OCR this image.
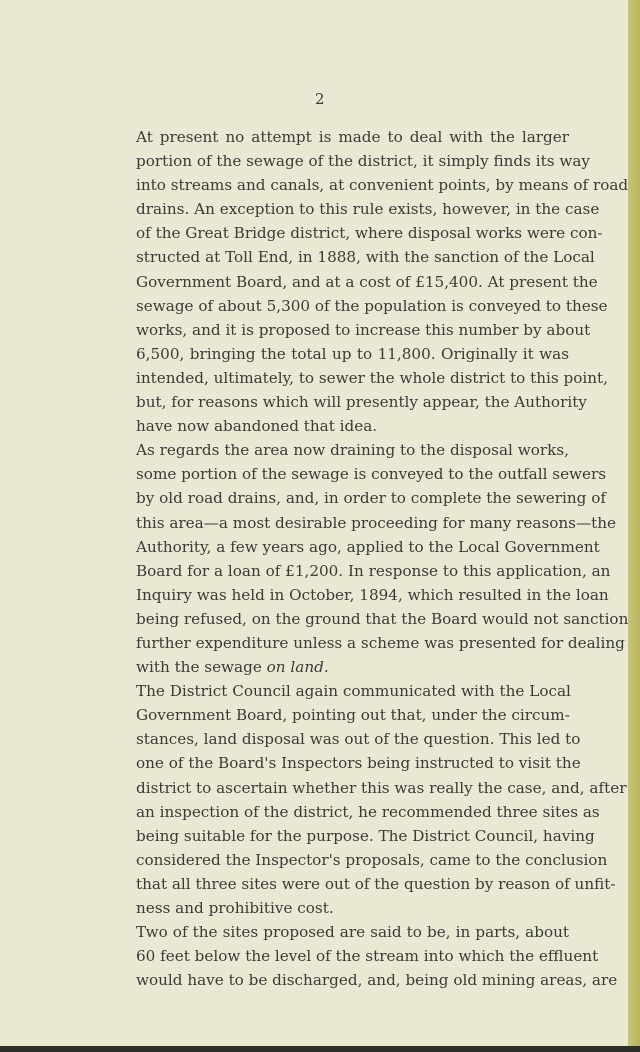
2
At present no attempt is made to deal with the larger
portion of the sewage of the district, it simply finds its way
into streams and canals, at convenient points, by means of road
drains. An exception to this rule exists, however, in the case
of the Great Bridge district, where disposal works were con-
structed at Toll End, in 1888, with the sanction of the Local
Government Board, and at a cost of £15,400. At present the
sewage of about 5,300 of the population is conveyed to these
works, and it is proposed to increase this number by about
6,500, bringing the total up to 11,800. Originally it was
intended, ultimately, to sewer the whole district to this point,
but, for reasons which will presently appear, the Authority
have now abandoned that idea.
As regards the area now draining to the disposal works,
some portion of the sewage is conveyed to the outfall sewers
by old road drains, and, in order to complete the sewering of
this area—a most desirable proceeding for many reasons—the
Authority, a few years ago, applied to the Local Government
Board for a loan of £1,200. In response to this application, an
Inquiry was held in October, 1894, which resulted in the loan
being refused, on the ground that the Board would not sanction
further expenditure unless a scheme was presented for dealing
with the sewage on land.
The District Council again communicated with the Local
Government Board, pointing out that, under the circum-
stances, land disposal was out of the question. This led to
one of the Board's Inspectors being instructed to visit the
district to ascertain whether this was really the case, and, after
an inspection of the district, he recommended three sites as
being suitable for the purpose. The District Council, having
considered the Inspector's proposals, came to the conclusion
that all three sites were out of the question by reason of unfit-
ness and prohibitive cost.
Two of the sites proposed are said to be, in parts, about
60 feet below the level of the stream into which the effluent
would have to be discharged, and, being old mining areas, are
